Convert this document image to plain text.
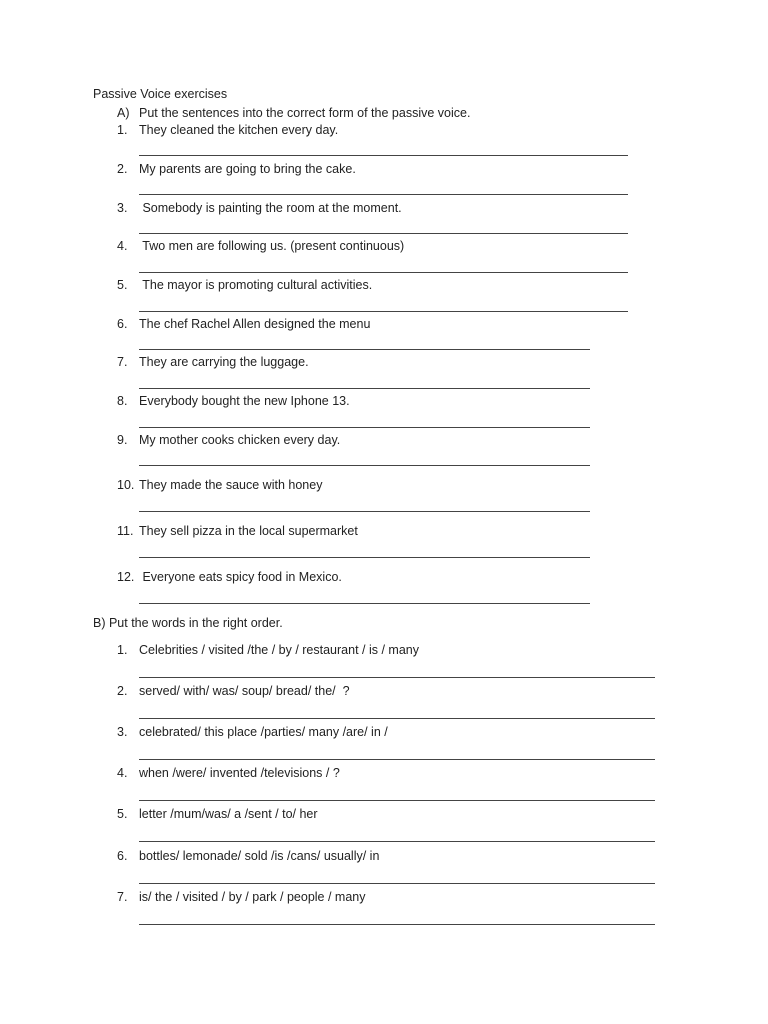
Passive Voice exercises
A) Put the sentences into the correct form of the passive voice.
1. They cleaned the kitchen every day.
2. My parents are going to bring the cake.
3. Somebody is painting the room at the moment.
4. Two men are following us. (present continuous)
5. The mayor is promoting cultural activities.
6. The chef Rachel Allen designed the menu
7. They are carrying the luggage.
8. Everybody bought the new Iphone 13.
9. My mother cooks chicken every day.
10. They made the sauce with honey
11. They sell pizza in the local supermarket
12. Everyone eats spicy food in Mexico.
B) Put the words in the right order.
1. Celebrities / visited /the / by / restaurant / is / many
2. served/ with/ was/ soup/ bread/ the/  ?
3. celebrated/ this place /parties/ many /are/ in /
4. when /were/ invented /televisions / ?
5. letter /mum/was/ a /sent / to/ her
6. bottles/ lemonade/ sold /is /cans/ usually/ in
7. is/ the / visited / by / park / people / many
